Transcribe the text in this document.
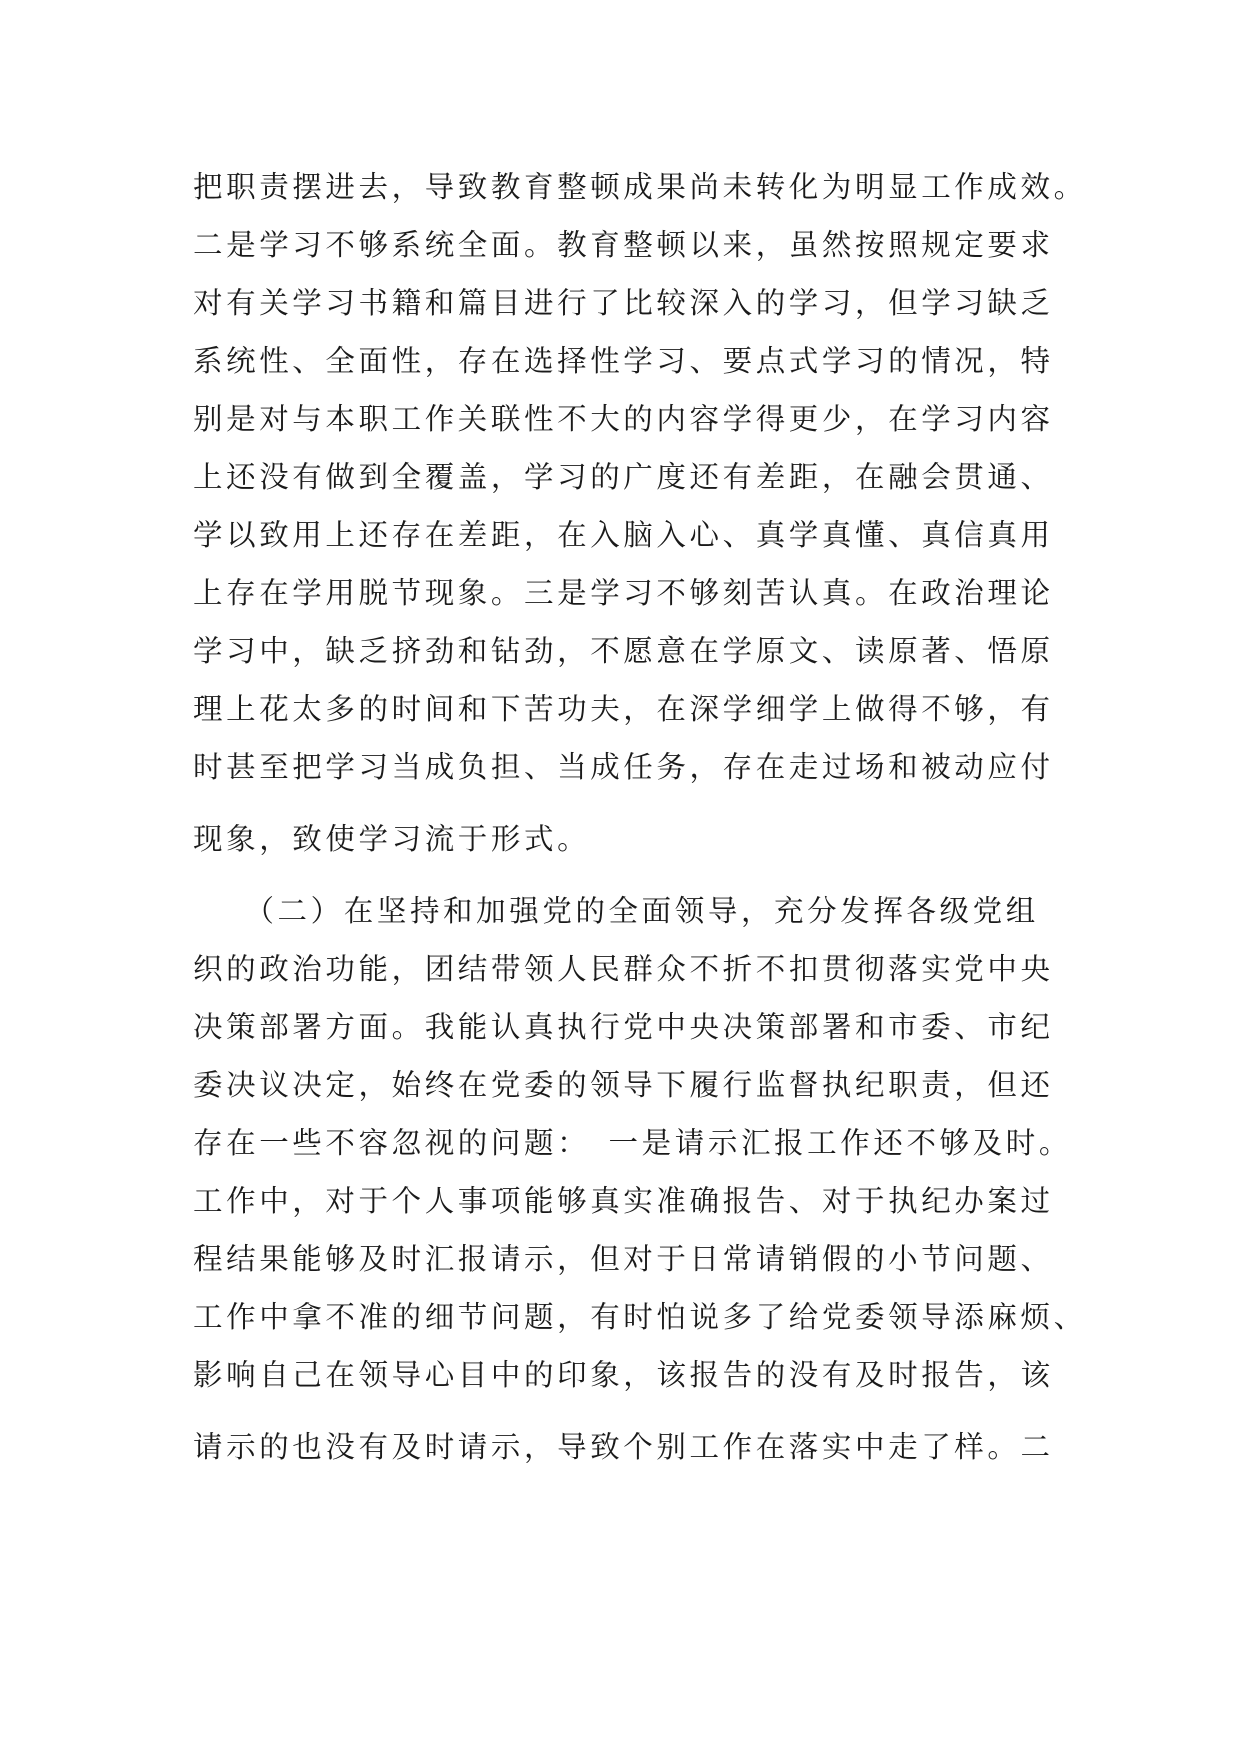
把职责摆进去，导致教育整顿成果尚未转化为明显工作成效。
二是学习不够系统全面。教育整顿以来，虽然按照规定要求
对有关学习书籍和篇目进行了比较深入的学习，但学习缺乏
系统性、全面性，存在选择性学习、要点式学习的情况，特
别是对与本职工作关联性不大的内容学得更少，在学习内容
上还没有做到全覆盖，学习的广度还有差距，在融会贯通、
学以致用上还存在差距，在入脑入心、真学真懂、真信真用
上存在学用脱节现象。三是学习不够刻苦认真。在政治理论
学习中，缺乏挤劲和钻劲，不愿意在学原文、读原著、悟原
理上花太多的时间和下苦功夫，在深学细学上做得不够，有
时甚至把学习当成负担、当成任务，存在走过场和被动应付
现象，致使学习流于形式。
　　（二）在坚持和加强党的全面领导，充分发挥各级党组
织的政治功能，团结带领人民群众不折不扣贯彻落实党中央
决策部署方面。我能认真执行党中央决策部署和市委、市纪
委决议决定，始终在党委的领导下履行监督执纪职责，但还
存在一些不容忽视的问题：　一是请示汇报工作还不够及时。
工作中，对于个人事项能够真实准确报告、对于执纪办案过
程结果能够及时汇报请示，但对于日常请销假的小节问题、
工作中拿不准的细节问题，有时怕说多了给党委领导添麻烦、
影响自己在领导心目中的印象，该报告的没有及时报告，该
请示的也没有及时请示，导致个别工作在落实中走了样。二
